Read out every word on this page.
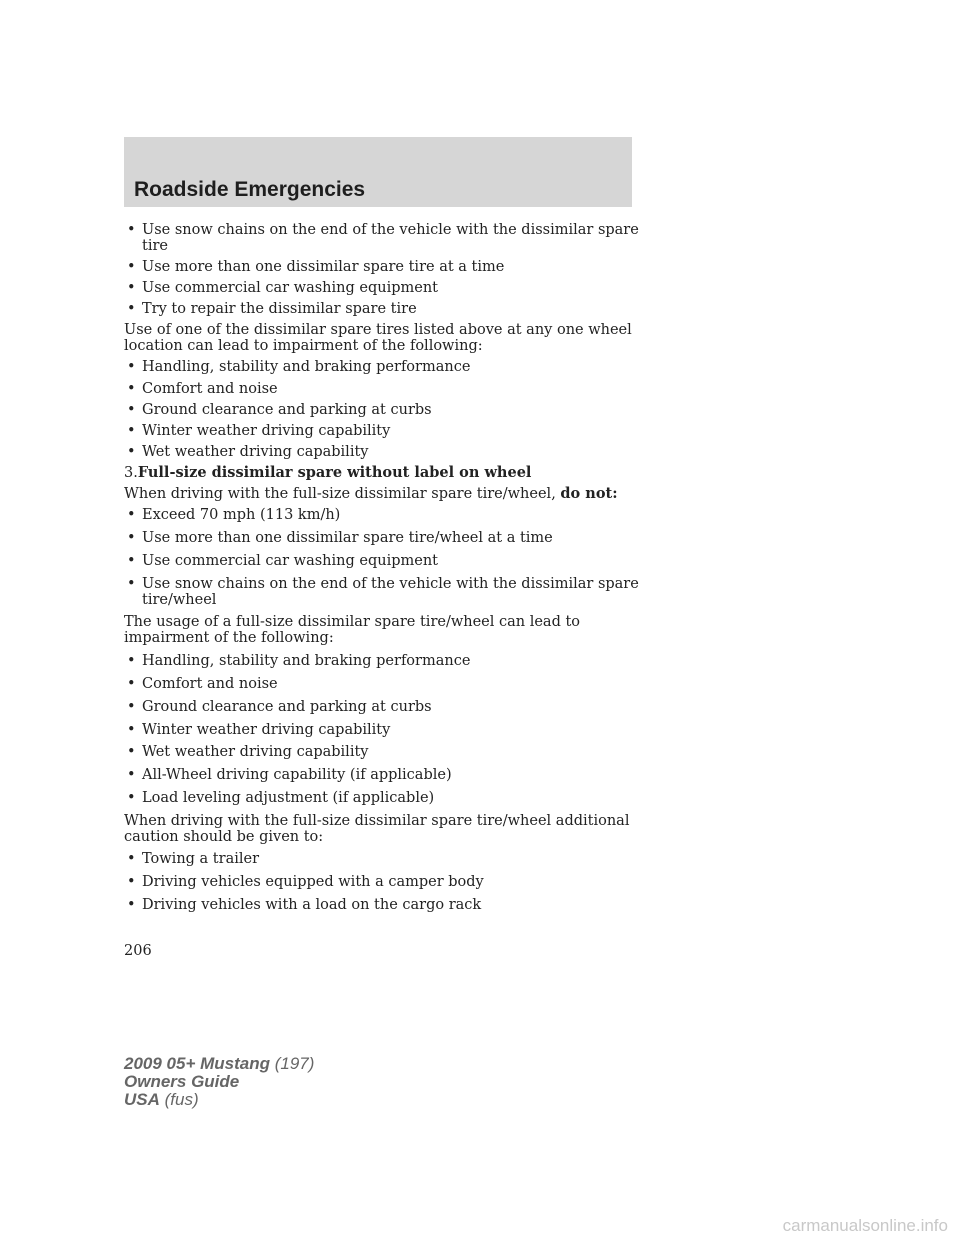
Roadside Emergencies
• Use snow chains on the end of the vehicle with the dissimilar spare
tire
• Use more than one dissimilar spare tire at a time
• Use commercial car washing equipment
• Try to repair the dissimilar spare tire
Use of one of the dissimilar spare tires listed above at any one wheel
location can lead to impairment of the following:
• Handling, stability and braking performance
• Comfort and noise
• Ground clearance and parking at curbs
• Winter weather driving capability
• Wet weather driving capability
3.Full-size dissimilar spare without label on wheel
When driving with the full-size dissimilar spare tire/wheel, do not:
• Exceed 70 mph (113 km/h)
• Use more than one dissimilar spare tire/wheel at a time
• Use commercial car washing equipment
• Use snow chains on the end of the vehicle with the dissimilar spare
tire/wheel
The usage of a full-size dissimilar spare tire/wheel can lead to
impairment of the following:
• Handling, stability and braking performance
• Comfort and noise
• Ground clearance and parking at curbs
• Winter weather driving capability
• Wet weather driving capability
• All-Wheel driving capability (if applicable)
• Load leveling adjustment (if applicable)
When driving with the full-size dissimilar spare tire/wheel additional
caution should be given to:
• Towing a trailer
• Driving vehicles equipped with a camper body
• Driving vehicles with a load on the cargo rack
206
2009 05+ Mustang (197)
Owners Guide
USA (fus)
carmanualsonline.info
